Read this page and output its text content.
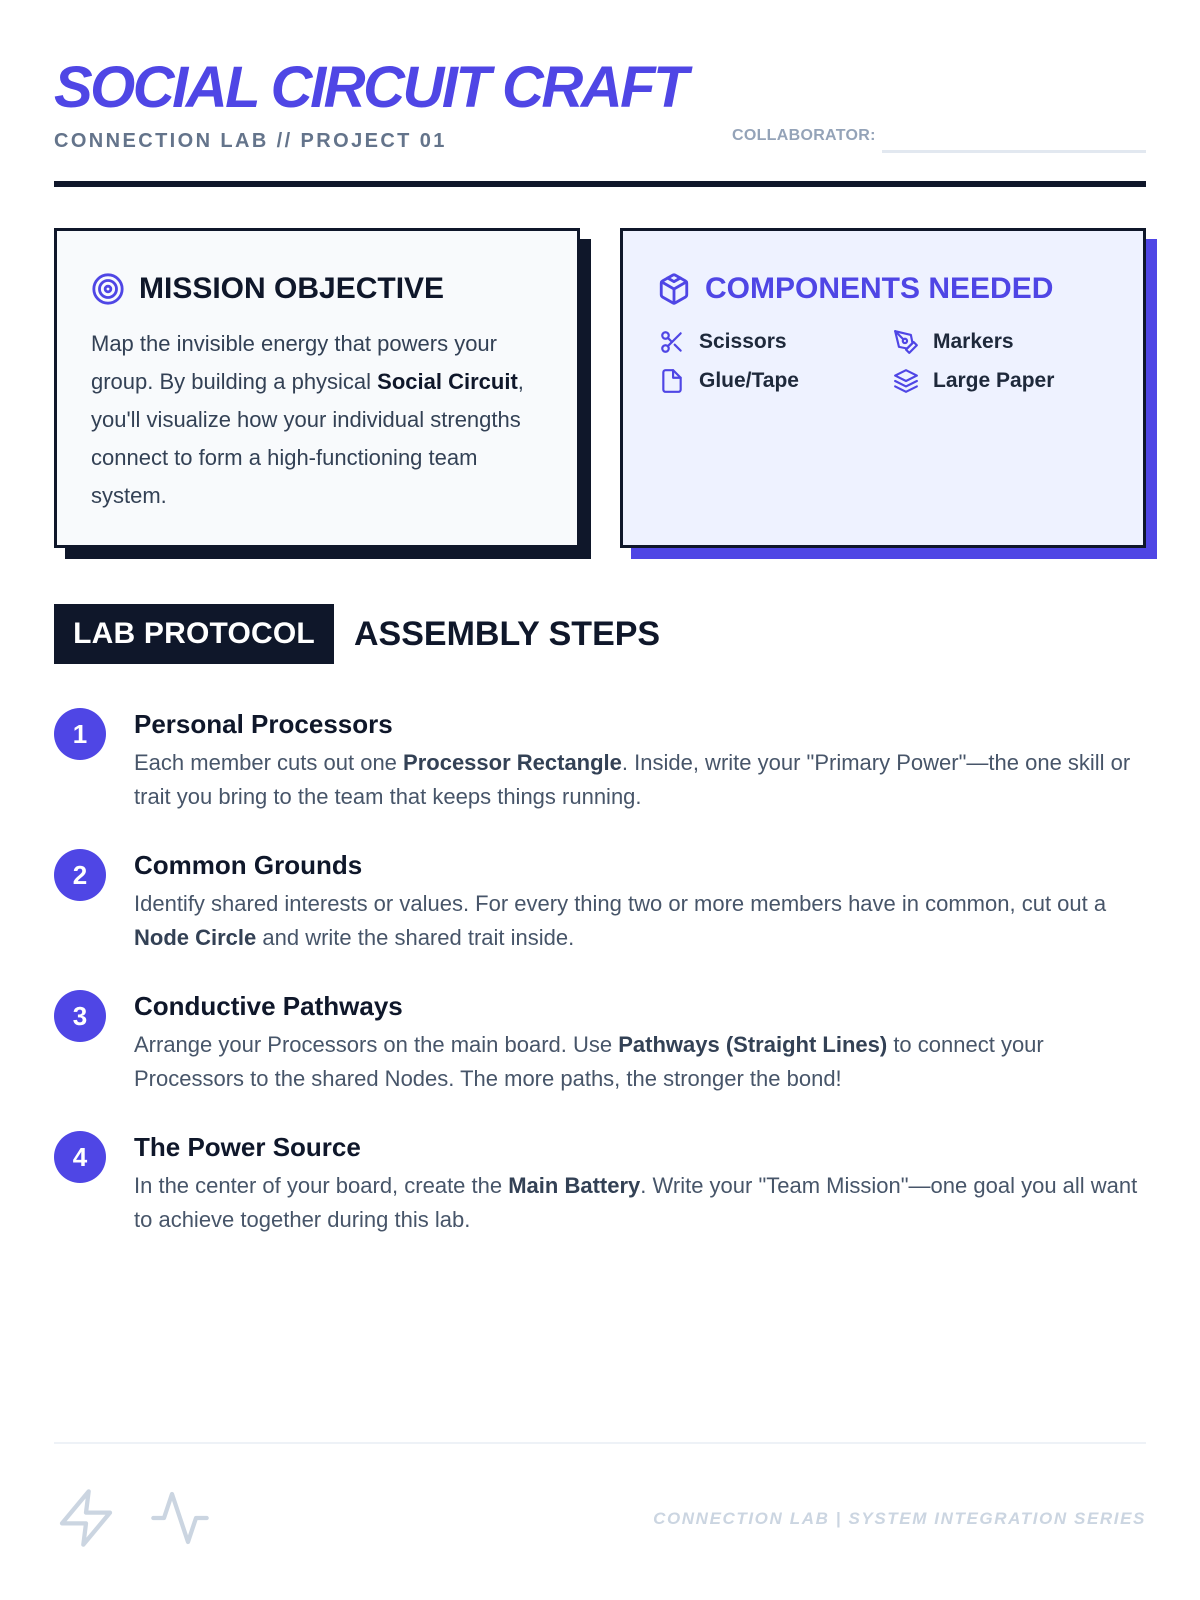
SOCIAL CIRCUIT CRAFT
CONNECTION LAB // PROJECT 01	COLLABORATOR:
MISSION OBJECTIVE

Map the invisible energy that powers your group. By building a physical Social Circuit, you'll visualize how your individual strengths connect to form a high-functioning team system.

COMPONENTS NEEDED
Scissors	Markers
Glue/Tape	Large Paper
LAB PROTOCOL	ASSEMBLY STEPS
1	Personal Processors

Each member cuts out one Processor Rectangle. Inside, write your "Primary Power"—the one skill or trait you bring to the team that keeps things running.

2	Common Grounds

Identify shared interests or values. For every thing two or more members have in common, cut out a Node Circle and write the shared trait inside.

3	Conductive Pathways

Arrange your Processors on the main board. Use Pathways (Straight Lines) to connect your Processors to the shared Nodes. The more paths, the stronger the bond!

4	The Power Source

In the center of your board, create the Main Battery. Write your "Team Mission"—one goal you all want to achieve together during this lab.

CONNECTION LAB | SYSTEM INTEGRATION SERIES
